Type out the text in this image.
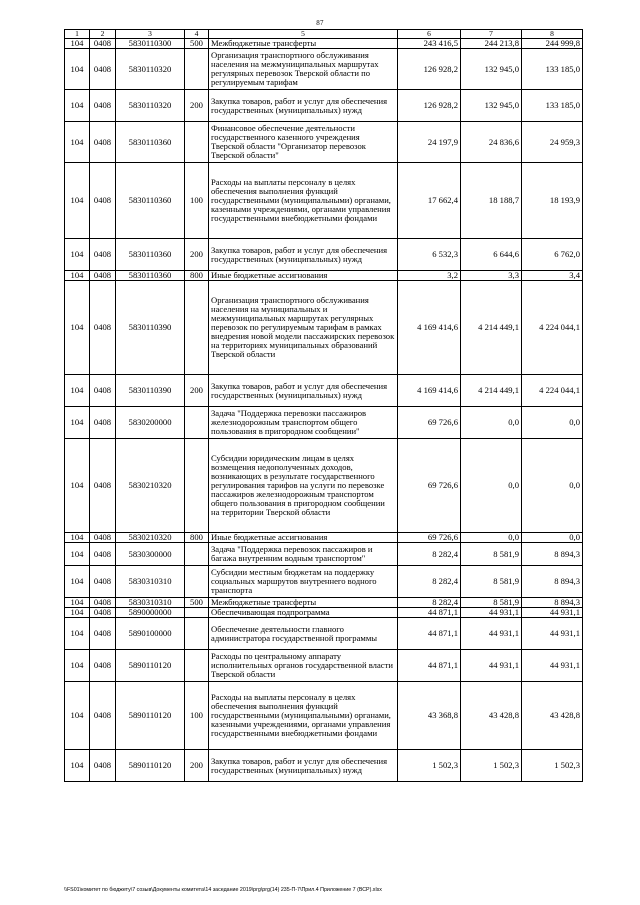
87
1	2	3	4	5	6	7	8
104	0408	5830110300	500	Межбюджетные трансферты	243 416,5	244 213,8	244 999,8
104	0408	5830110320		Организация транспортного обслуживания населения на межмуниципальных маршрутах регулярных перевозок Тверской области по регулируемым тарифам	126 928,2	132 945,0	133 185,0
104	0408	5830110320	200	Закупка товаров, работ и услуг для обеспечения государственных (муниципальных) нужд	126 928,2	132 945,0	133 185,0
104	0408	5830110360		Финансовое обеспечение деятельности государственного казенного учреждения Тверской области "Организатор перевозок Тверской области"	24 197,9	24 836,6	24 959,3
104	0408	5830110360	100	Расходы на выплаты персоналу в целях обеспечения выполнения функций государственными (муниципальными) органами, казенными учреждениями, органами управления государственными внебюджетными фондами	17 662,4	18 188,7	18 193,9
104	0408	5830110360	200	Закупка товаров, работ и услуг для обеспечения государственных (муниципальных) нужд	6 532,3	6 644,6	6 762,0
104	0408	5830110360	800	Иные бюджетные ассигнования	3,2	3,3	3,4
104	0408	5830110390		Организация транспортного обслуживания населения на муниципальных и межмуниципальных маршрутах регулярных перевозок по регулируемым тарифам в рамках внедрения новой модели пассажирских перевозок на территориях муниципальных образований Тверской области	4 169 414,6	4 214 449,1	4 224 044,1
104	0408	5830110390	200	Закупка товаров, работ и услуг для обеспечения государственных (муниципальных) нужд	4 169 414,6	4 214 449,1	4 224 044,1
104	0408	5830200000		Задача "Поддержка перевозки пассажиров железнодорожным транспортом общего пользования в пригородном сообщении"	69 726,6	0,0	0,0
104	0408	5830210320		Субсидии юридическим лицам в целях возмещения недополученных доходов, возникающих в результате государственного регулирования тарифов на услуги по перевозке пассажиров железнодорожным транспортом общего пользования в пригородном сообщении на территории Тверской области	69 726,6	0,0	0,0
104	0408	5830210320	800	Иные бюджетные ассигнования	69 726,6	0,0	0,0
104	0408	5830300000		Задача "Поддержка перевозок пассажиров и багажа внутренним водным транспортом"	8 282,4	8 581,9	8 894,3
104	0408	5830310310		Субсидии местным бюджетам на поддержку социальных маршрутов внутреннего водного транспорта	8 282,4	8 581,9	8 894,3
104	0408	5830310310	500	Межбюджетные трансферты	8 282,4	8 581,9	8 894,3
104	0408	5890000000		Обеспечивающая подпрограмма	44 871,1	44 931,1	44 931,1
104	0408	5890100000		Обеспечение деятельности главного администратора государственной программы	44 871,1	44 931,1	44 931,1
104	0408	5890110120		Расходы по центральному аппарату исполнительных органов государственной власти Тверской области	44 871,1	44 931,1	44 931,1
104	0408	5890110120	100	Расходы на выплаты персоналу в целях обеспечения выполнения функций государственными (муниципальными) органами, казенными учреждениями, органами управления государственными внебюджетными фондами	43 368,8	43 428,8	43 428,8
104	0408	5890110120	200	Закупка товаров, работ и услуг для обеспечения государственных (муниципальных) нужд	1 502,3	1 502,3	1 502,3
\\FS01\комитет по бюджету\7 созыв\Документы комитета\14 заседание 2019\prg\prg(14) 235-П-7\Прил.4 Приложение 7 (ВСР).xlsx
